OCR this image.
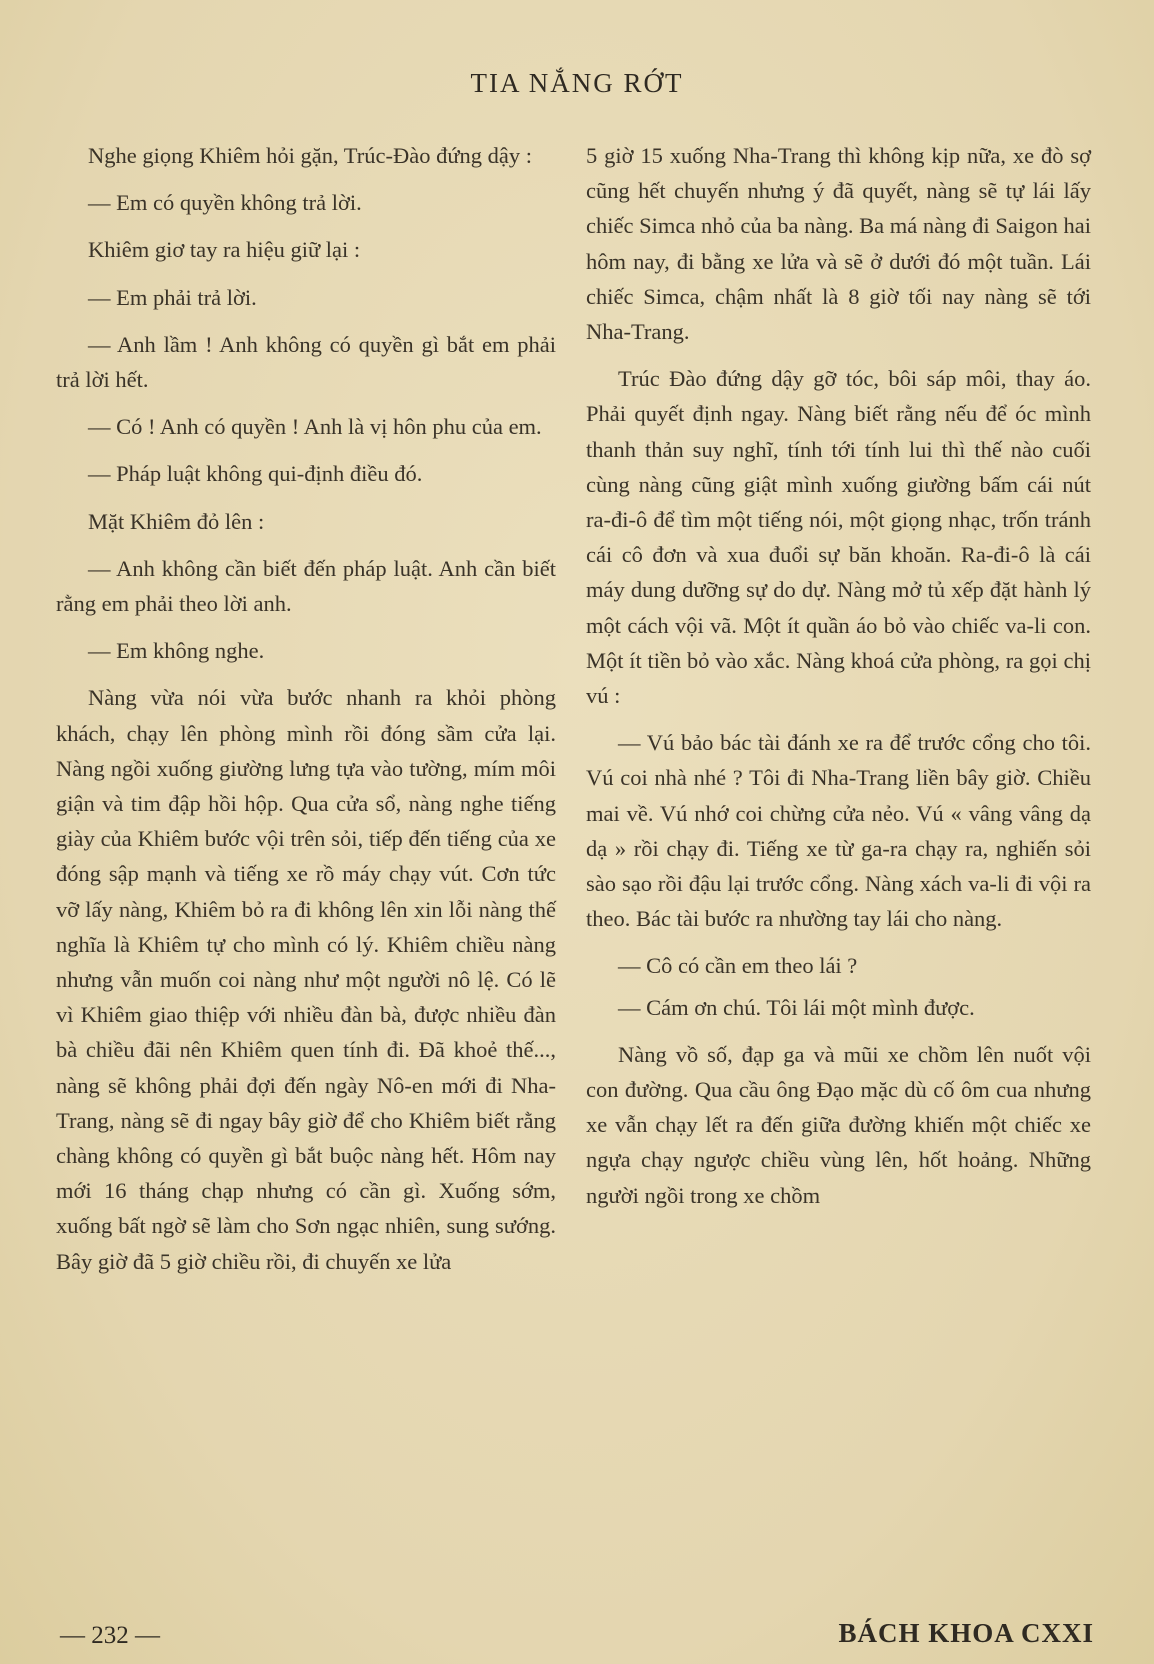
TIA NẮNG RỚT

Nghe giọng Khiêm hỏi gặn, Trúc-Đào đứng dậy :

— Em có quyền không trả lời.

Khiêm giơ tay ra hiệu giữ lại :

— Em phải trả lời.

— Anh lầm ! Anh không có quyền gì bắt em phải trả lời hết.

— Có ! Anh có quyền ! Anh là vị hôn phu của em.

— Pháp luật không qui-định điều đó.

Mặt Khiêm đỏ lên :

— Anh không cần biết đến pháp luật. Anh cần biết rằng em phải theo lời anh.

— Em không nghe.

Nàng vừa nói vừa bước nhanh ra khỏi phòng khách, chạy lên phòng mình rồi đóng sầm cửa lại. Nàng ngồi xuống giường lưng tựa vào tường, mím môi giận và tim đập hồi hộp. Qua cửa sổ, nàng nghe tiếng giày của Khiêm bước vội trên sỏi, tiếp đến tiếng của xe đóng sập mạnh và tiếng xe rồ máy chạy vút. Cơn tức vỡ lấy nàng, Khiêm bỏ ra đi không lên xin lỗi nàng thế nghĩa là Khiêm tự cho mình có lý. Khiêm chiều nàng nhưng vẫn muốn coi nàng như một người nô lệ. Có lẽ vì Khiêm giao thiệp với nhiều đàn bà, được nhiều đàn bà chiều đãi nên Khiêm quen tính đi. Đã khoẻ thế..., nàng sẽ không phải đợi đến ngày Nô-en mới đi Nha-Trang, nàng sẽ đi ngay bây giờ để cho Khiêm biết rằng chàng không có quyền gì bắt buộc nàng hết. Hôm nay mới 16 tháng chạp nhưng có cần gì. Xuống sớm, xuống bất ngờ sẽ làm cho Sơn ngạc nhiên, sung sướng. Bây giờ đã 5 giờ chiều rồi, đi chuyến xe lửa

5 giờ 15 xuống Nha-Trang thì không kịp nữa, xe đò sợ cũng hết chuyến nhưng ý đã quyết, nàng sẽ tự lái lấy chiếc Simca nhỏ của ba nàng. Ba má nàng đi Saigon hai hôm nay, đi bằng xe lửa và sẽ ở dưới đó một tuần. Lái chiếc Simca, chậm nhất là 8 giờ tối nay nàng sẽ tới Nha-Trang.

Trúc Đào đứng dậy gỡ tóc, bôi sáp môi, thay áo. Phải quyết định ngay. Nàng biết rằng nếu để óc mình thanh thản suy nghĩ, tính tới tính lui thì thế nào cuối cùng nàng cũng giật mình xuống giường bấm cái nút ra-đi-ô để tìm một tiếng nói, một giọng nhạc, trốn tránh cái cô đơn và xua đuổi sự băn khoăn. Ra-đi-ô là cái máy dung dưỡng sự do dự. Nàng mở tủ xếp đặt hành lý một cách vội vã. Một ít quần áo bỏ vào chiếc va-li con. Một ít tiền bỏ vào xắc. Nàng khoá cửa phòng, ra gọi chị vú :

— Vú bảo bác tài đánh xe ra để trước cổng cho tôi. Vú coi nhà nhé ? Tôi đi Nha-Trang liền bây giờ. Chiều mai về. Vú nhớ coi chừng cửa nẻo. Vú « vâng vâng dạ dạ » rồi chạy đi. Tiếng xe từ ga-ra chạy ra, nghiến sỏi sào sạo rồi đậu lại trước cổng. Nàng xách va-li đi vội ra theo. Bác tài bước ra nhường tay lái cho nàng.

— Cô có cần em theo lái ?

— Cám ơn chú. Tôi lái một mình được.

Nàng vồ số, đạp ga và mũi xe chồm lên nuốt vội con đường. Qua cầu ông Đạo mặc dù cố ôm cua nhưng xe vẫn chạy lết ra đến giữa đường khiến một chiếc xe ngựa chạy ngược chiều vùng lên, hốt hoảng. Những người ngồi trong xe chồm

— 232 —	BÁCH KHOA CXXI
